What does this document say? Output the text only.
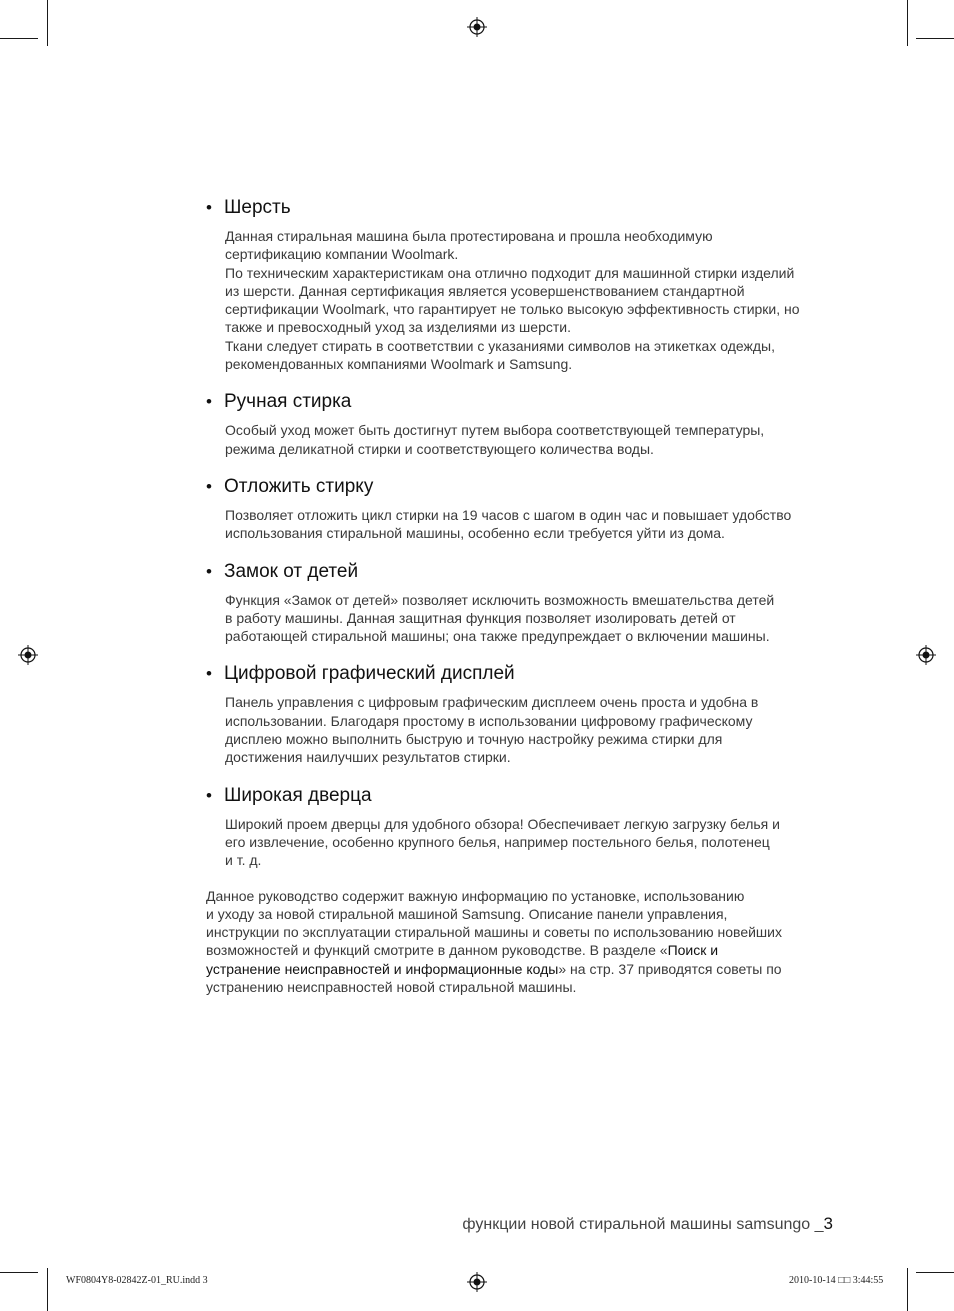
• Шерсть

Данная стиральная машина была протестирована и прошла необходимую

сертификацию компании Woolmark.

По техническим характеристикам она отлично подходит для машинной стирки изделий

из шерсти. Данная сертификация является усовершенствованием стандартной

сертификации Woolmark, что гарантирует не только высокую эффективность стирки, но

также и превосходный уход за изделиями из шерсти.

Ткани следует стирать в соответствии с указаниями символов на этикетках одежды,

рекомендованных компаниями Woolmark и Samsung.

• Ручная стирка

Особый уход может быть достигнут путем выбора соответствующей температуры,

режима деликатной стирки и соответствующего количества воды.

• Отложить стирку

Позволяет отложить цикл стирки на 19 часов с шагом в один час и повышает удобство

использования стиральной машины, особенно если требуется уйти из дома.

• Замок от детей

Функция «Замок от детей» позволяет исключить возможность вмешательства детей

в работу машины. Данная защитная функция позволяет изолировать детей от

работающей стиральной машины; она также предупреждает о включении машины.

• Цифровой графический дисплей

Панель управления с цифровым графическим дисплеем очень проста и удобна в

использовании. Благодаря простому в использовании цифровому графическому

дисплею можно выполнить быструю и точную настройку режима стирки для

достижения наилучших результатов стирки.

• Широкая дверца

Широкий проем дверцы для удобного обзора! Обеспечивает легкую загрузку белья и

его извлечение, особенно крупного белья, например постельного белья, полотенец

и т. д.

Данное руководство содержит важную информацию по установке, использованию
и уходу за новой стиральной машиной Samsung. Описание панели управления,
инструкции по эксплуатации стиральной машины и советы по использованию новейших
возможностей и функций смотрите в данном руководстве. В разделе «Поиск и
устранение неисправностей и информационные коды» на стр. 37 приводятся советы по
устранению неисправностей новой стиральной машины.
функции новой стиральной машины samsungo _3
WF0804Y8-02842Z-01_RU.indd 3	2010-10-14 □□ 3:44:55
